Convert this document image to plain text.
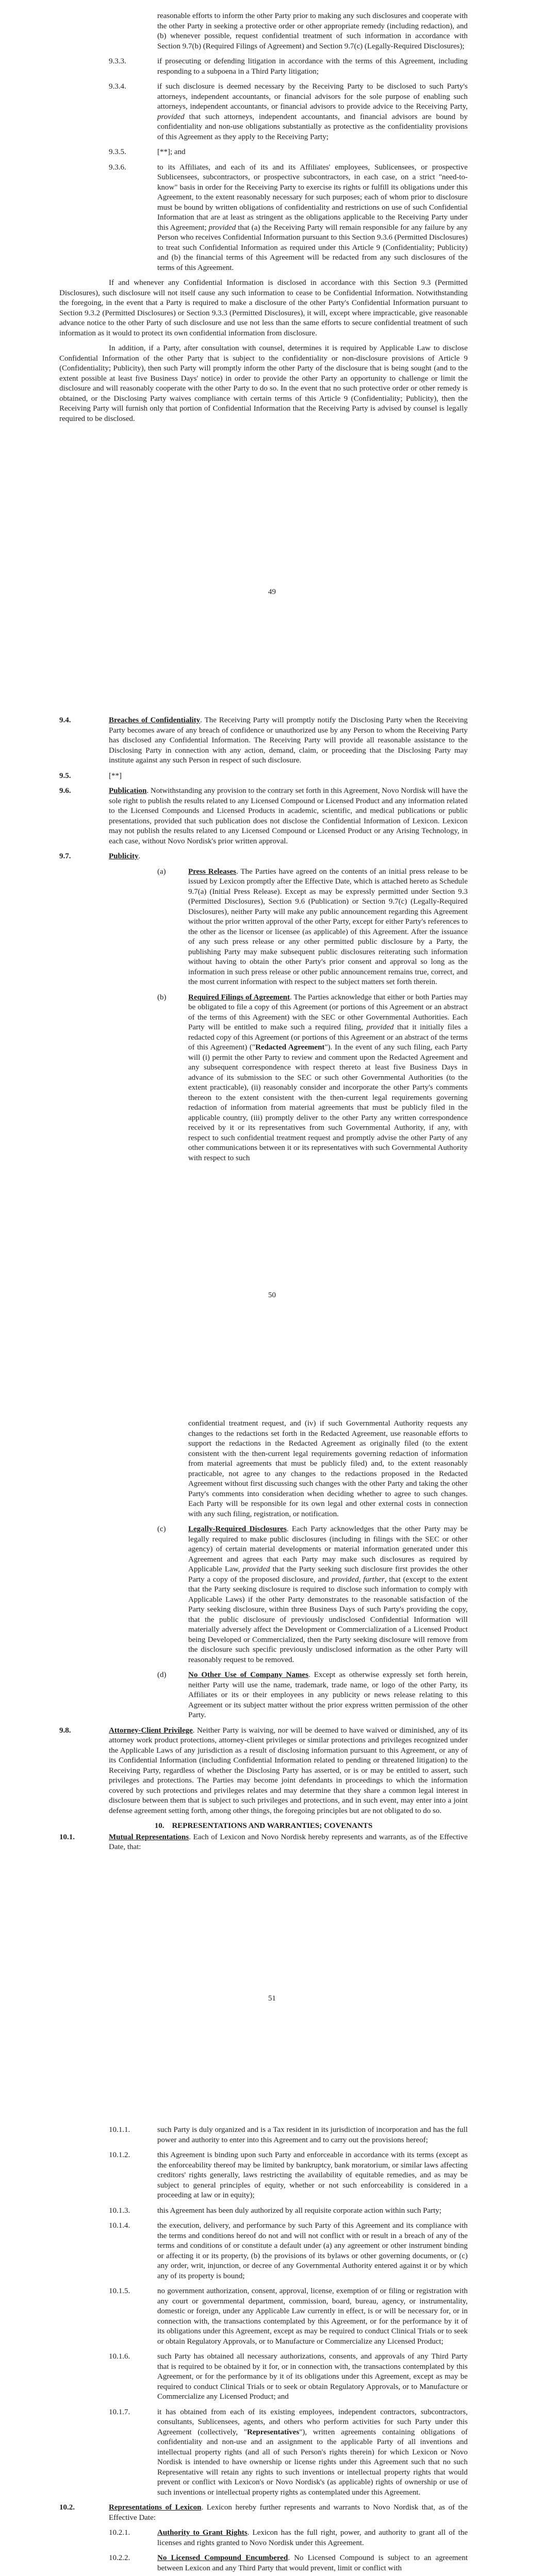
reasonable efforts to inform the other Party prior to making any such disclosures and cooperate with the other Party in seeking a protective order or other appropriate remedy (including redaction), and (b) whenever possible, request confidential treatment of such information in accordance with Section 9.7(b) (Required Filings of Agreement) and Section 9.7(c) (Legally-Required Disclosures);

9.3.3.	if prosecuting or defending litigation in accordance with the terms of this Agreement, including responding to a subpoena in a Third Party litigation;

9.3.4.	if such disclosure is deemed necessary by the Receiving Party to be disclosed to such Party's attorneys, independent accountants, or financial advisors for the sole purpose of enabling such attorneys, independent accountants, or financial advisors to provide advice to the Receiving Party, provided that such attorneys, independent accountants, and financial advisors are bound by confidentiality and non-use obligations substantially as protective as the confidentiality provisions of this Agreement as they apply to the Receiving Party;

9.3.5.	[**]; and

9.3.6.	to its Affiliates, and each of its and its Affiliates' employees, Sublicensees, or prospective Sublicensees, subcontractors, or prospective subcontractors, in each case, on a strict "need-to-know" basis in order for the Receiving Party to exercise its rights or fulfill its obligations under this Agreement, to the extent reasonably necessary for such purposes; each of whom prior to disclosure must be bound by written obligations of confidentiality and restrictions on use of such Confidential Information that are at least as stringent as the obligations applicable to the Receiving Party under this Agreement; provided that (a) the Receiving Party will remain responsible for any failure by any Person who receives Confidential Information pursuant to this Section 9.3.6 (Permitted Disclosures) to treat such Confidential Information as required under this Article 9 (Confidentiality; Publicity) and (b) the financial terms of this Agreement will be redacted from any such disclosures of the terms of this Agreement.

If and whenever any Confidential Information is disclosed in accordance with this Section 9.3 (Permitted Disclosures), such disclosure will not itself cause any such information to cease to be Confidential Information. Notwithstanding the foregoing, in the event that a Party is required to make a disclosure of the other Party's Confidential Information pursuant to Section 9.3.2 (Permitted Disclosures) or Section 9.3.3 (Permitted Disclosures), it will, except where impracticable, give reasonable advance notice to the other Party of such disclosure and use not less than the same efforts to secure confidential treatment of such information as it would to protect its own confidential information from disclosure.

In addition, if a Party, after consultation with counsel, determines it is required by Applicable Law to disclose Confidential Information of the other Party that is subject to the confidentiality or non-disclosure provisions of Article 9 (Confidentiality; Publicity), then such Party will promptly inform the other Party of the disclosure that is being sought (and to the extent possible at least five Business Days' notice) in order to provide the other Party an opportunity to challenge or limit the disclosure and will reasonably cooperate with the other Party to do so. In the event that no such protective order or other remedy is obtained, or the Disclosing Party waives compliance with certain terms of this Article 9 (Confidentiality; Publicity), then the Receiving Party will furnish only that portion of Confidential Information that the Receiving Party is advised by counsel is legally required to be disclosed.

49
9.4.	Breaches of Confidentiality. The Receiving Party will promptly notify the Disclosing Party when the Receiving Party becomes aware of any breach of confidence or unauthorized use by any Person to whom the Receiving Party has disclosed any Confidential Information. The Receiving Party will provide all reasonable assistance to the Disclosing Party in connection with any action, demand, claim, or proceeding that the Disclosing Party may institute against any such Person in respect of such disclosure.

9.5.	[**]

9.6.	Publication. Notwithstanding any provision to the contrary set forth in this Agreement, Novo Nordisk will have the sole right to publish the results related to any Licensed Compound or Licensed Product and any information related to the Licensed Compounds and Licensed Products in academic, scientific, and medical publications or public presentations, provided that such publication does not disclose the Confidential Information of Lexicon. Lexicon may not publish the results related to any Licensed Compound or Licensed Product or any Arising Technology, in each case, without Novo Nordisk's prior written approval.

9.7.	Publicity.

(a)	Press Releases. The Parties have agreed on the contents of an initial press release to be issued by Lexicon promptly after the Effective Date, which is attached hereto as Schedule 9.7(a) (Initial Press Release). Except as may be expressly permitted under Section 9.3 (Permitted Disclosures), Section 9.6 (Publication) or Section 9.7(c) (Legally-Required Disclosures), neither Party will make any public announcement regarding this Agreement without the prior written approval of the other Party, except for either Party's references to the other as the licensor or licensee (as applicable) of this Agreement. After the issuance of any such press release or any other permitted public disclosure by a Party, the publishing Party may make subsequent public disclosures reiterating such information without having to obtain the other Party's prior consent and approval so long as the information in such press release or other public announcement remains true, correct, and the most current information with respect to the subject matters set forth therein.

(b)	Required Filings of Agreement. The Parties acknowledge that either or both Parties may be obligated to file a copy of this Agreement (or portions of this Agreement or an abstract of the terms of this Agreement) with the SEC or other Governmental Authorities. Each Party will be entitled to make such a required filing, provided that it initially files a redacted copy of this Agreement (or portions of this Agreement or an abstract of the terms of this Agreement) ("Redacted Agreement"). In the event of any such filing, each Party will (i) permit the other Party to review and comment upon the Redacted Agreement and any subsequent correspondence with respect thereto at least five Business Days in advance of its submission to the SEC or such other Governmental Authorities (to the extent practicable), (ii) reasonably consider and incorporate the other Party's comments thereon to the extent consistent with the then-current legal requirements governing redaction of information from material agreements that must be publicly filed in the applicable country, (iii) promptly deliver to the other Party any written correspondence received by it or its representatives from such Governmental Authority, if any, with respect to such confidential treatment request and promptly advise the other Party of any other communications between it or its representatives with such Governmental Authority with respect to such

50

confidential treatment request, and (iv) if such Governmental Authority requests any changes to the redactions set forth in the Redacted Agreement, use reasonable efforts to support the redactions in the Redacted Agreement as originally filed (to the extent consistent with the then-current legal requirements governing redaction of information from material agreements that must be publicly filed) and, to the extent reasonably practicable, not agree to any changes to the redactions proposed in the Redacted Agreement without first discussing such changes with the other Party and taking the other Party's comments into consideration when deciding whether to agree to such changes. Each Party will be responsible for its own legal and other external costs in connection with any such filing, registration, or notification.

(c)	Legally-Required Disclosures. Each Party acknowledges that the other Party may be legally required to make public disclosures (including in filings with the SEC or other agency) of certain material developments or material information generated under this Agreement and agrees that each Party may make such disclosures as required by Applicable Law, provided that the Party seeking such disclosure first provides the other Party a copy of the proposed disclosure, and provided, further, that (except to the extent that the Party seeking disclosure is required to disclose such information to comply with Applicable Laws) if the other Party demonstrates to the reasonable satisfaction of the Party seeking disclosure, within three Business Days of such Party's providing the copy, that the public disclosure of previously undisclosed Confidential Information will materially adversely affect the Development or Commercialization of a Licensed Product being Developed or Commercialized, then the Party seeking disclosure will remove from the disclosure such specific previously undisclosed information as the other Party will reasonably request to be removed.

(d)	No Other Use of Company Names. Except as otherwise expressly set forth herein, neither Party will use the name, trademark, trade name, or logo of the other Party, its Affiliates or its or their employees in any publicity or news release relating to this Agreement or its subject matter without the prior express written permission of the other Party.

9.8.	Attorney-Client Privilege. Neither Party is waiving, nor will be deemed to have waived or diminished, any of its attorney work product protections, attorney-client privileges or similar protections and privileges recognized under the Applicable Laws of any jurisdiction as a result of disclosing information pursuant to this Agreement, or any of its Confidential Information (including Confidential Information related to pending or threatened litigation) to the Receiving Party, regardless of whether the Disclosing Party has asserted, or is or may be entitled to assert, such privileges and protections. The Parties may become joint defendants in proceedings to which the information covered by such protections and privileges relates and may determine that they share a common legal interest in disclosure between them that is subject to such privileges and protections, and in such event, may enter into a joint defense agreement setting forth, among other things, the foregoing principles but are not obligated to do so.

10. REPRESENTATIONS AND WARRANTIES; COVENANTS
10.1.	Mutual Representations. Each of Lexicon and Novo Nordisk hereby represents and warrants, as of the Effective Date, that:

51
10.1.1.	such Party is duly organized and is a Tax resident in its jurisdiction of incorporation and has the full power and authority to enter into this Agreement and to carry out the provisions hereof;

10.1.2.	this Agreement is binding upon such Party and enforceable in accordance with its terms (except as the enforceability thereof may be limited by bankruptcy, bank moratorium, or similar laws affecting creditors' rights generally, laws restricting the availability of equitable remedies, and as may be subject to general principles of equity, whether or not such enforceability is considered in a proceeding at law or in equity);

10.1.3.	this Agreement has been duly authorized by all requisite corporate action within such Party;

10.1.4.	the execution, delivery, and performance by such Party of this Agreement and its compliance with the terms and conditions hereof do not and will not conflict with or result in a breach of any of the terms and conditions of or constitute a default under (a) any agreement or other instrument binding or affecting it or its property, (b) the provisions of its bylaws or other governing documents, or (c) any order, writ, injunction, or decree of any Governmental Authority entered against it or by which any of its property is bound;

10.1.5.	no government authorization, consent, approval, license, exemption of or filing or registration with any court or governmental department, commission, board, bureau, agency, or instrumentality, domestic or foreign, under any Applicable Law currently in effect, is or will be necessary for, or in connection with, the transactions contemplated by this Agreement, or for the performance by it of its obligations under this Agreement, except as may be required to conduct Clinical Trials or to seek or obtain Regulatory Approvals, or to Manufacture or Commercialize any Licensed Product;

10.1.6.	such Party has obtained all necessary authorizations, consents, and approvals of any Third Party that is required to be obtained by it for, or in connection with, the transactions contemplated by this Agreement, or for the performance by it of its obligations under this Agreement, except as may be required to conduct Clinical Trials or to seek or obtain Regulatory Approvals, or to Manufacture or Commercialize any Licensed Product; and

10.1.7.	it has obtained from each of its existing employees, independent contractors, subcontractors, consultants, Sublicensees, agents, and others who perform activities for such Party under this Agreement (collectively, "Representatives"), written agreements containing obligations of confidentiality and non-use and an assignment to the applicable Party of all inventions and intellectual property rights (and all of such Person's rights therein) for which Lexicon or Novo Nordisk is intended to have ownership or license rights under this Agreement such that no such Representative will retain any rights to such inventions or intellectual property rights that would prevent or conflict with Lexicon's or Novo Nordisk's (as applicable) rights of ownership or use of such inventions or intellectual property rights as contemplated under this Agreement.

10.2.	Representations of Lexicon. Lexicon hereby further represents and warrants to Novo Nordisk that, as of the Effective Date:

10.2.1.	Authority to Grant Rights. Lexicon has the full right, power, and authority to grant all of the licenses and rights granted to Novo Nordisk under this Agreement.

10.2.2.	No Licensed Compound Encumbered. No Licensed Compound is subject to an agreement between Lexicon and any Third Party that would prevent, limit or conflict with
